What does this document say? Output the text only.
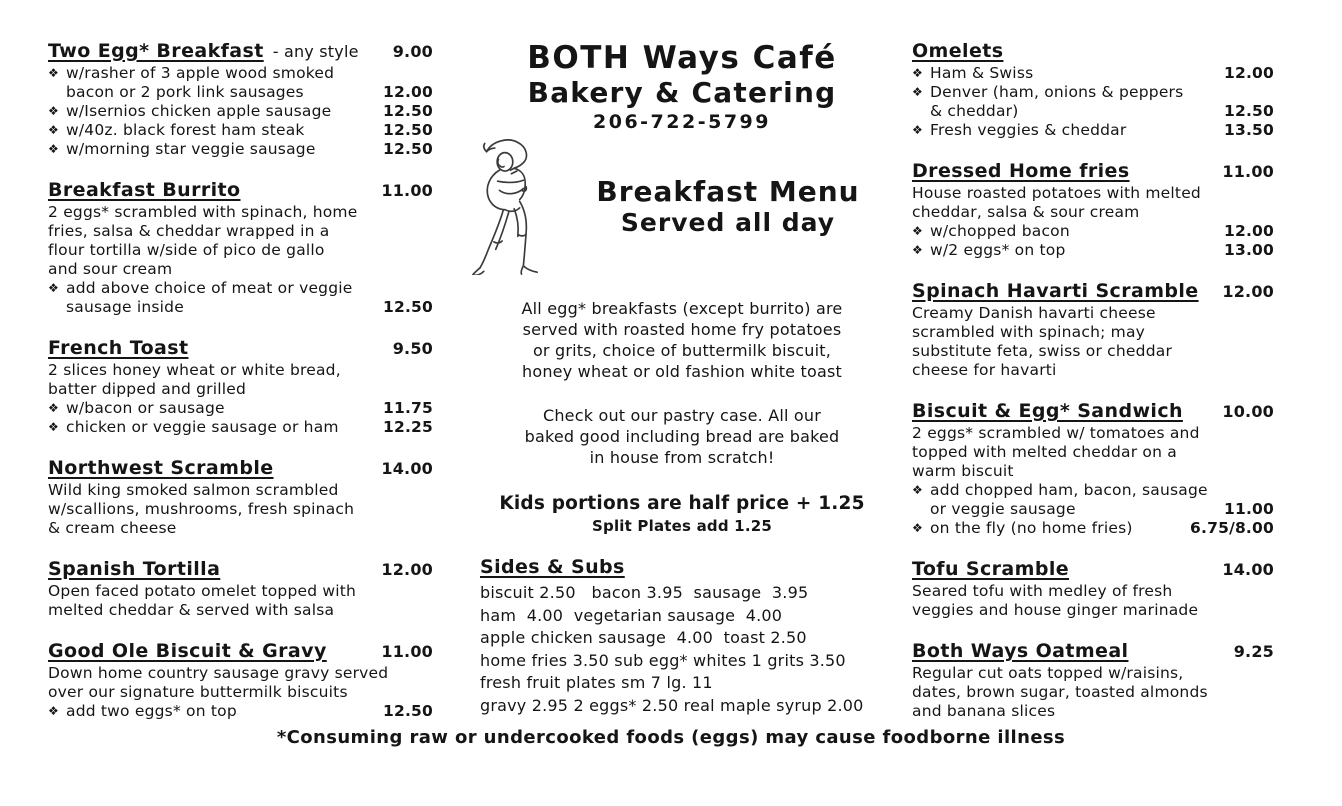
Two Egg* Breakfast - any style 9.00
❖ w/rasher of 3 apple wood smoked
bacon or 2 pork link sausages	12.00
❖ w/Isernios chicken apple sausage	12.50
❖ w/40z. black forest ham steak	12.50
❖ w/morning star veggie sausage	12.50
Breakfast Burrito	11.00
2 eggs* scrambled with spinach, home
fries, salsa & cheddar wrapped in a
flour tortilla w/side of pico de gallo
and sour cream
❖ add above choice of meat or veggie
sausage inside	12.50
French Toast	9.50
2 slices honey wheat or white bread,
batter dipped and grilled
❖ w/bacon or sausage	11.75
❖ chicken or veggie sausage or ham	12.25
Northwest Scramble	14.00
Wild king smoked salmon scrambled
w/scallions, mushrooms, fresh spinach
& cream cheese
Spanish Tortilla	12.00
Open faced potato omelet topped with
melted cheddar & served with salsa
Good Ole Biscuit & Gravy	11.00
Down home country sausage gravy served
over our signature buttermilk biscuits
❖ add two eggs* on top	12.50
BOTH Ways Café
Bakery & Catering
206-722-5799
Breakfast Menu
Served all day
All egg* breakfasts (except burrito) are
served with roasted home fry potatoes
or grits, choice of buttermilk biscuit,
honey wheat or old fashion white toast
Check out our pastry case. All our
baked good including bread are baked
in house from scratch!
Kids portions are half price + 1.25
Split Plates add 1.25
Sides & Subs
biscuit 2.50   bacon 3.95  sausage  3.95
ham  4.00  vegetarian sausage  4.00
apple chicken sausage  4.00  toast 2.50
home fries 3.50 sub egg* whites 1 grits 3.50
fresh fruit plates sm 7 lg. 11
gravy 2.95 2 eggs* 2.50 real maple syrup 2.00
Omelets
❖ Ham & Swiss	12.00
❖ Denver (ham, onions & peppers
& cheddar)	12.50
❖ Fresh veggies & cheddar	13.50
Dressed Home fries	11.00
House roasted potatoes with melted
cheddar, salsa & sour cream
❖ w/chopped bacon	12.00
❖ w/2 eggs* on top	13.00
Spinach Havarti Scramble 12.00
Creamy Danish havarti cheese
scrambled with spinach; may
substitute feta, swiss or cheddar
cheese for havarti
Biscuit & Egg* Sandwich 10.00
2 eggs* scrambled w/ tomatoes and
topped with melted cheddar on a
warm biscuit
❖ add chopped ham, bacon, sausage
or veggie sausage	11.00
❖ on the fly (no home fries)	6.75/8.00
Tofu Scramble	14.00
Seared tofu with medley of fresh
veggies and house ginger marinade
Both Ways Oatmeal	9.25
Regular cut oats topped w/raisins,
dates, brown sugar, toasted almonds
and banana slices
*Consuming raw or undercooked foods (eggs) may cause foodborne illness
